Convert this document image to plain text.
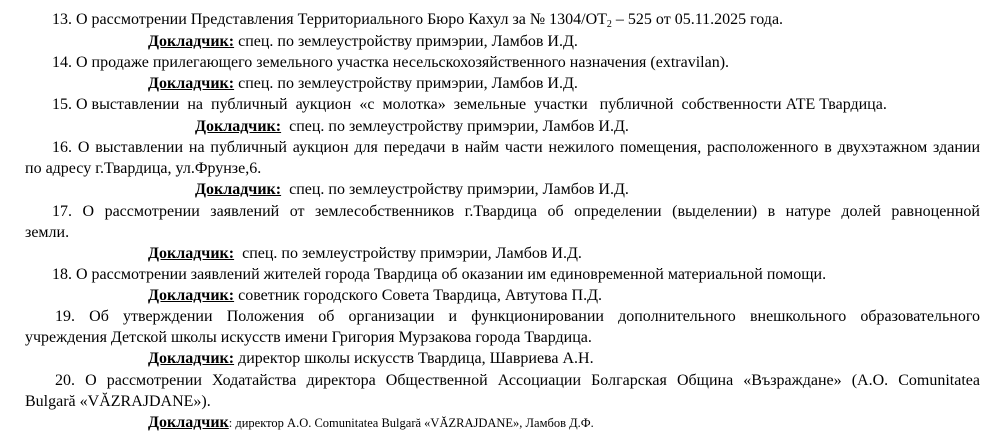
13. О рассмотрении Представления Территориального Бюро Кахул за № $1304/ОТ_2 - 525$ от 05.11.2025 года.
Докладчик: спец. по землеустройству примэрии, Ламбов И.Д.
14. О продаже прилегающего земельного участка несельскохозяйственного назначения (extravilan).
Докладчик: спец. по землеустройству примэрии, Ламбов И.Д.
15. О выставлении  на  публичный  аукцион  «с  молотка»  земельные  участки   публичной  собственности АТЕ Твардица.
Докладчик:  спец. по землеустройству примэрии, Ламбов И.Д.
16. О выставлении на публичный аукцион для передачи в найм части нежилого помещения, расположенного в двухэтажном здании
по адресу г.Твардица, ул.Фрунзе,6.
Докладчик:  спец. по землеустройству примэрии, Ламбов И.Д.
17. О рассмотрении заявлений от землесобственников г.Твардица об определении (выделении) в натуре долей равноценной
земли.
Докладчик:  спец. по землеустройству примэрии, Ламбов И.Д.
18. О рассмотрении заявлений жителей города Твардица об оказании им единовременной материальной помощи.
Докладчик: советник городского Совета Твардица, Автутова П.Д.
19. Об утверждении Положения об организации и функционировании дополнительного внешкольного образовательного
учреждения Детской школы искусств имени Григория Мурзакова города Твардица.
Докладчик: директор школы искусств Твардица, Шавриева А.Н.
20. О рассмотрении Ходатайства директора Общественной Ассоциации Болгарская Община «Възраждане» (А.О. Comunitatea
Bulgară «VĂZRAJDANE»).
Докладчик: директор А.О. Comunitatea Bulgară «VĂZRAJDANE», Ламбов Д.Ф.
